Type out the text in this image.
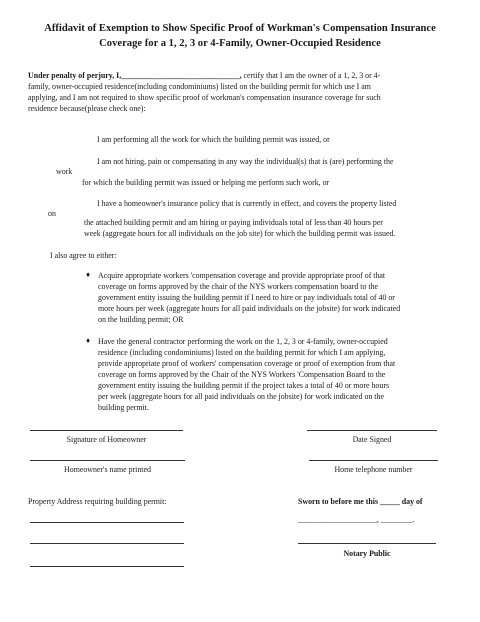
Affidavit of Exemption to Show Specific Proof of Workman's Compensation Insurance
Coverage for a 1, 2, 3 or 4-Family, Owner-Occupied Residence
Under penalty of perjury, I,______________________________, certify that I am the owner of a 1, 2, 3 or 4-
family, owner-occupied residence(including condominiums) listed on the building permit for which use I am
applying, and I am not required to show specific proof of workman's compensation insurance coverage for such
residence because(please check one):
I am performing all the work for which the building permit was issued, or
I am not hiring, pain or compensating in any way the individual(s) that is (are) performing the
work
for which the building permit was issued or helping me perform such work, or
I have a homeowner's insurance policy that is currently in effect, and covers the property listed
on
the attached building permit and am hiring or paying individuals total of less than 40 hours per
week (aggregate hours for all individuals on the job site) for which the building permit was issued.
I also agree to either:
♦ Acquire appropriate workers 'compensation coverage and provide appropriate proof of that
coverage on forms approved by the chair of the NYS workers compensation board to the
government entity issuing the building permit if I need to hire or pay individuals total of 40 or
more hours per week (aggregate hours for all paid individuals on the jobsite) for work indicated
on the building permit; OR
♦ Have the general contractor performing the work on the 1, 2, 3 or 4-family, owner-occupied
residence (including condominiums) listed on the building permit for which I am applying,
provide appropriate proof of workers' compensation coverage or proof of exemption from that
coverage on forms approved by the Chair of the NYS Workers 'Compensation Board to the
government entity issuing the building permit if the project takes a total of 40 or more hours
per week (aggregate hours for all paid individuals on the jobsite) for work indicated on the
building permit.
Signature of Homeowner	Date Signed
Homeowner's name printed	Home telephone number
Property Address requiring building permit:	Sworn to before me this _____ day of
____________________, ________.
Notary Public
